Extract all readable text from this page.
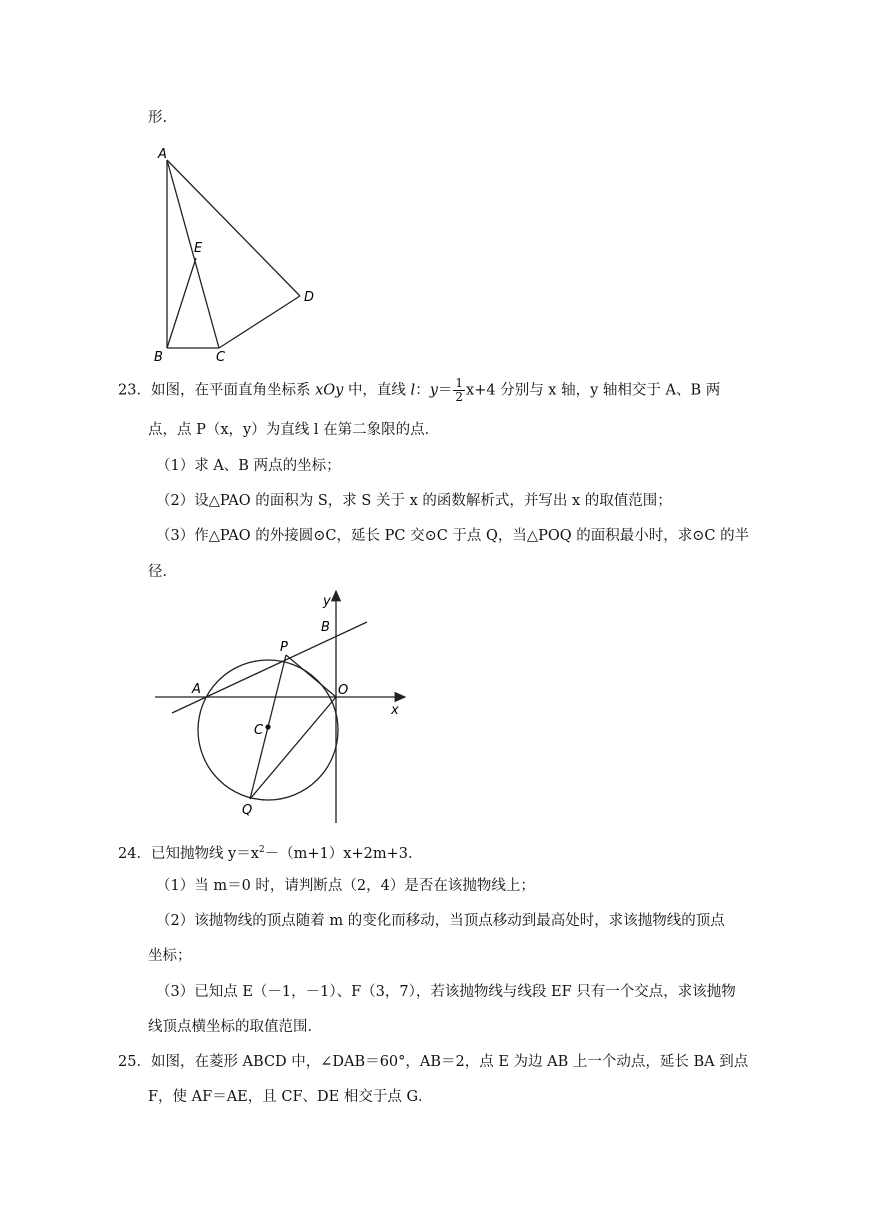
形.
A
E
D
B	C
23．如图，在平面直角坐标系 xOy 中，直线 l：$y= \frac{1}{2} x+4$ 分别与 x 轴，y 轴相交于 A、B 两
点，点 P（x，y）为直线 l 在第二象限的点．
（1）求 A、B 两点的坐标；
（2）设△PAO 的面积为 S，求 S 关于 x 的函数解析式，并写出 x 的取值范围；
（3）作△PAO 的外接圆⊙C，延长 PC 交⊙C 于点 Q，当△POQ 的面积最小时，求⊙C 的半
径．
y
B
P
A	O
x
C
Q
24．已知抛物线 $y=x^2-(m+1)x+2m+3$．
（1）当 m＝0 时，请判断点（2，4）是否在该抛物线上；
（2）该抛物线的顶点随着 m 的变化而移动，当顶点移动到最高处时，求该抛物线的顶点
坐标；
（3）已知点 E（－1，－1）、F（3，7），若该抛物线与线段 EF 只有一个交点，求该抛物
线顶点横坐标的取值范围．
25．如图，在菱形 ABCD 中，∠DAB＝60°，AB＝2，点 E 为边 AB 上一个动点，延长 BA 到点
F，使 AF＝AE，且 CF、DE 相交于点 G．
